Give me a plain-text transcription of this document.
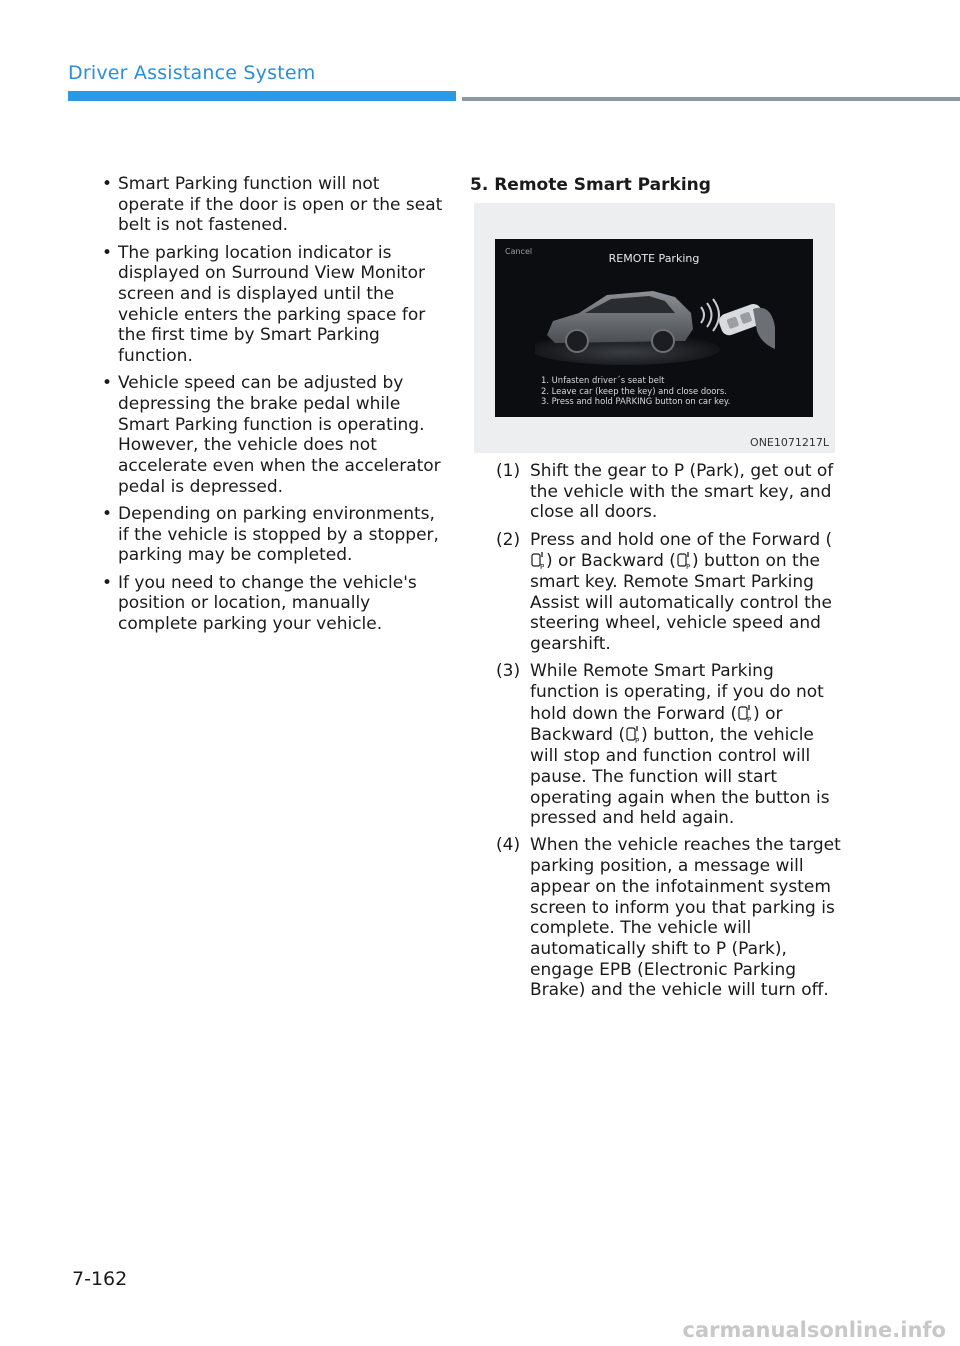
Driver Assistance System
• Smart Parking function will not operate if the door is open or the seat belt is not fastened.
• The parking location indicator is displayed on Surround View Monitor screen and is displayed until the vehicle enters the parking space for the first time by Smart Parking function.
• Vehicle speed can be adjusted by depressing the brake pedal while Smart Parking function is operating. However, the vehicle does not accelerate even when the accelerator pedal is depressed.
• Depending on parking environments, if the vehicle is stopped by a stopper, parking may be completed.
• If you need to change the vehicle's position or location, manually complete parking your vehicle.

5. Remote Smart Parking

Cancel
REMOTE Parking
1. Unfasten driver´s seat belt
2. Leave car (keep the key) and close doors.
3. Press and hold PARKING button on car key.
ONE1071217L
(1) Shift the gear to P (Park), get out of the vehicle with the smart key, and close all doors.
(2) Press and hold one of the Forward (
P ) or Backward ( P ) button on the smart key. Remote Smart Parking Assist will automatically control the steering wheel, vehicle speed and gearshift.
(3) While Remote Smart Parking function is operating, if you do not hold down the Forward ( P ) or Backward ( P ) button, the vehicle will stop and function control will pause. The function will start operating again when the button is pressed and held again.
(4) When the vehicle reaches the target parking position, a message will appear on the infotainment system screen to inform you that parking is complete. The vehicle will automatically shift to P (Park), engage EPB (Electronic Parking Brake) and the vehicle will turn off.
7-162
carmanualsonline.info
